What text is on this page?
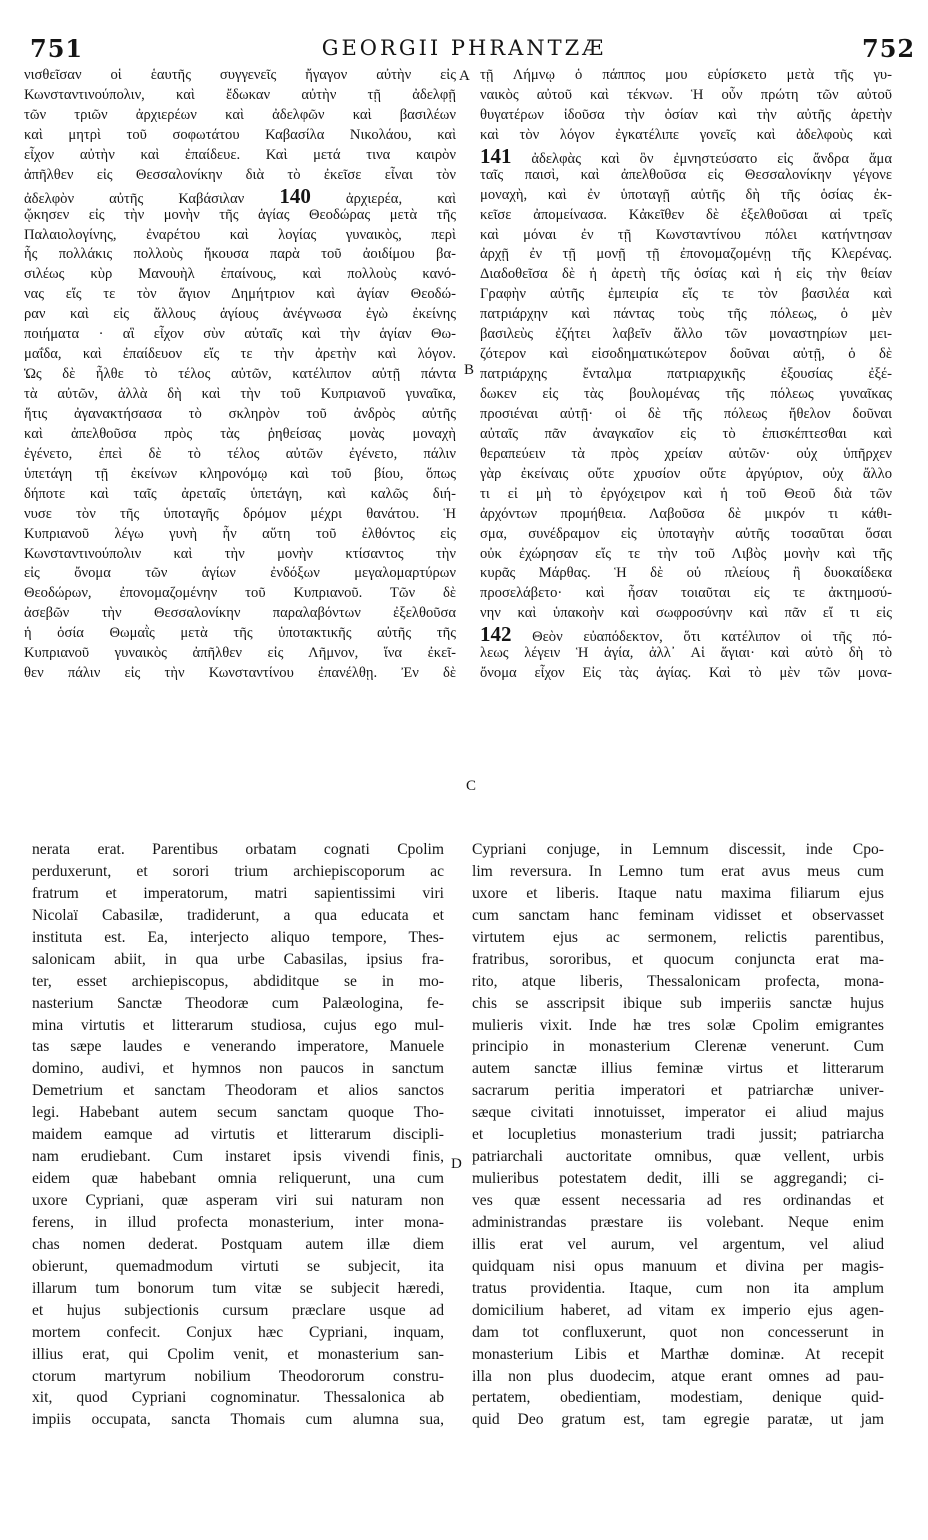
751	GEORGII PHRANTZÆ	752
νισθεῖσαν οἱ ἑαυτῆς συγγενεῖς ἤγαγον αὐτὴν εἰς
Κωνσταντινούπολιν, καὶ ἔδωκαν αὐτὴν τῇ ἀδελφῇ
τῶν τριῶν ἀρχιερέων καὶ ἀδελφῶν καὶ βασιλέων
καὶ μητρὶ τοῦ σοφωτάτου Καβασίλα Νικολάου, καὶ
εἶχον αὐτὴν καὶ ἐπαίδευε. Καὶ μετά τινα καιρὸν
ἀπῆλθεν εἰς Θεσσαλονίκην διὰ τὸ ἐκεῖσε εἶναι τὸν
ἀδελφὸν αὐτῆς Καβάσιλαν 140 ἀρχιερέα, καὶ
ᾤκησεν εἰς τὴν μονὴν τῆς ἁγίας Θεοδώρας μετὰ τῆς
Παλαιολογίνης, ἐναρέτου καὶ λογίας γυναικὸς, περὶ
ἧς πολλάκις πολλοὺς ἤκουσα παρὰ τοῦ ἀοιδίμου βα-
σιλέως κὺρ Μανουὴλ ἐπαίνους, καὶ πολλοὺς κανό-
νας εἴς τε τὸν ἅγιον Δημήτριον καὶ ἁγίαν Θεοδώ-
ραν καὶ εἰς ἄλλους ἁγίους ἀνέγνωσα ἐγὼ ἐκείνης
ποιήματα · αἳ εἶχον σὺν αὐταῖς καὶ τὴν ἁγίαν Θω-
μαΐδα, καὶ ἐπαίδευον εἴς τε τὴν ἀρετὴν καὶ λόγον.
Ὡς δὲ ἦλθε τὸ τέλος αὐτῶν, κατέλιπον αὐτῇ πάντα
τὰ αὐτῶν, ἀλλὰ δὴ καὶ τὴν τοῦ Κυπριανοῦ γυναῖκα,
ἥτις ἀγανακτήσασα τὸ σκληρὸν τοῦ ἀνδρὸς αὐτῆς
καὶ ἀπελθοῦσα πρὸς τὰς ῥηθείσας μονὰς μοναχὴ
ἐγένετο, ἐπεὶ δὲ τὸ τέλος αὐτῶν ἐγένετο, πάλιν
ὑπετάγη τῇ ἐκείνων κληρονόμῳ καὶ τοῦ βίου, ὅπως
δήποτε καὶ ταῖς ἀρεταῖς ὑπετάγη, καὶ καλῶς διή-
νυσε τὸν τῆς ὑποταγῆς δρόμον μέχρι θανάτου. Ἡ
Κυπριανοῦ λέγω γυνὴ ἦν αὕτη τοῦ ἐλθόντος εἰς
Κωνσταντινούπολιν καὶ τὴν μονὴν κτίσαντος τὴν
εἰς ὄνομα τῶν ἁγίων ἐνδόξων μεγαλομαρτύρων
Θεοδώρων, ἐπονομαζομένην τοῦ Κυπριανοῦ. Τῶν δὲ
ἀσεβῶν τὴν Θεσσαλονίκην παραλαβόντων ἐξελθοῦσα
ἡ ὁσία Θωμαῒς μετὰ τῆς ὑποτακτικῆς αὐτῆς τῆς
Κυπριανοῦ γυναικὸς ἀπῆλθεν εἰς Λῆμνον, ἵνα ἐκεῖ-
θεν πάλιν εἰς τὴν Κωνσταντίνου ἐπανέλθῃ. Ἐν δὲ
τῇ Λήμνῳ ὁ πάππος μου εὑρίσκετο μετὰ τῆς γυ-
ναικὸς αὐτοῦ καὶ τέκνων. Ἡ οὖν πρώτη τῶν αὐτοῦ
θυγατέρων ἰδοῦσα τὴν ὁσίαν καὶ τὴν αὐτῆς ἀρετὴν
καὶ τὸν λόγον ἐγκατέλιπε γονεῖς καὶ ἀδελφοὺς καὶ
141 ἀδελφὰς καὶ ὃν ἐμνηστεύσατο εἰς ἄνδρα ἅμα
ταῖς παισὶ, καὶ ἀπελθοῦσα εἰς Θεσσαλονίκην γέγονε
μοναχὴ, καὶ ἐν ὑποταγῇ αὐτῆς δὴ τῆς ὁσίας ἐκ-
κεῖσε ἀπομείνασα. Κἀκεῖθεν δὲ ἐξελθοῦσαι αἱ τρεῖς
καὶ μόναι ἐν τῇ Κωνσταντίνου πόλει κατήντησαν
ἀρχῇ ἐν τῇ μονῇ τῇ ἐπονομαζομένῃ τῆς Κλερένας.
Διαδοθεῖσα δὲ ἡ ἀρετὴ τῆς ὁσίας καὶ ἡ εἰς τὴν θείαν
Γραφὴν αὐτῆς ἐμπειρία εἴς τε τὸν βασιλέα καὶ
πατριάρχην καὶ πάντας τοὺς τῆς πόλεως, ὁ μὲν
βασιλεὺς ἐζήτει λαβεῖν ἄλλο τῶν μοναστηρίων μει-
ζότερον καὶ εἰσοδηματικώτερον δοῦναι αὐτῇ, ὁ δὲ
πατριάρχης ἔνταλμα πατριαρχικῆς ἐξουσίας ἐξέ-
δωκεν εἰς τὰς βουλομένας τῆς πόλεως γυναῖκας
προσιέναι αὐτῇ· οἱ δὲ τῆς πόλεως ἤθελον δοῦναι
αὐταῖς πᾶν ἀναγκαῖον εἰς τὸ ἐπισκέπτεσθαι καὶ
θεραπεύειν τὰ πρὸς χρείαν αὐτῶν· οὐχ ὑπῆρχεν
γὰρ ἐκείναις οὔτε χρυσίον οὔτε ἀργύριον, οὐχ ἄλλο
τι εἰ μὴ τὸ ἐργόχειρον καὶ ἡ τοῦ Θεοῦ διὰ τῶν
ἀρχόντων προμήθεια. Λαβοῦσα δὲ μικρόν τι κάθι-
σμα, συνέδραμον εἰς ὑποταγὴν αὐτῆς τοσαῦται ὅσαι
οὐκ ἐχώρησαν εἴς τε τὴν τοῦ Λιβὸς μονὴν καὶ τῆς
κυρᾶς Μάρθας. Ἡ δὲ οὐ πλείους ἢ δυοκαίδεκα
προσελάβετο· καὶ ἦσαν τοιαῦται εἰς τε ἀκτημοσύ-
νην καὶ ὑπακοὴν καὶ σωφροσύνην καὶ πᾶν εἴ τι εἰς
142 Θεὸν εὐαπόδεκτον, ὅτι κατέλιπον οἱ τῆς πό-
λεως λέγειν Ἡ ἁγία, ἀλλ᾽ Αἱ ἅγιαι· καὶ αὐτὸ δὴ τὸ
ὄνομα εἶχον Εἰς τὰς ἁγίας. Καὶ τὸ μὲν τῶν μονα-
nerata erat. Parentibus orbatam cognati Cpolim
perduxerunt, et sorori trium archiepiscoporum ac
fratrum et imperatorum, matri sapientissimi viri
Nicolaï Cabasilæ, tradiderunt, a qua educata et
instituta est. Ea, interjecto aliquo tempore, Thes-
salonicam abiit, in qua urbe Cabasilas, ipsius fra-
ter, esset archiepiscopus, abdiditque se in mo-
nasterium Sanctæ Theodoræ cum Palæologina, fe-
mina virtutis et litterarum studiosa, cujus ego mul-
tas sæpe laudes e venerando imperatore, Manuele
domino, audivi, et hymnos non paucos in sanctum
Demetrium et sanctam Theodoram et alios sanctos
legi. Habebant autem secum sanctam quoque Tho-
maidem eamque ad virtutis et litterarum discipli-
nam erudiebant. Cum instaret ipsis vivendi finis,
eidem quæ habebant omnia reliquerunt, una cum
uxore Cypriani, quæ asperam viri sui naturam non
ferens, in illud profecta monasterium, inter mona-
chas nomen dederat. Postquam autem illæ diem
obierunt, quemadmodum virtuti se subjecit, ita
illarum tum bonorum tum vitæ se subjecit hæredi,
et hujus subjectionis cursum præclare usque ad
mortem confecit. Conjux hæc Cypriani, inquam,
illius erat, qui Cpolim venit, et monasterium san-
ctorum martyrum nobilium Theodororum constru-
xit, quod Cypriani cognominatur. Thessalonica ab
impiis occupata, sancta Thomais cum alumna sua,
Cypriani conjuge, in Lemnum discessit, inde Cpo-
lim reversura. In Lemno tum erat avus meus cum
uxore et liberis. Itaque natu maxima filiarum ejus
cum sanctam hanc feminam vidisset et observasset
virtutem ejus ac sermonem, relictis parentibus,
fratribus, sororibus, et quocum conjuncta erat ma-
rito, atque liberis, Thessalonicam profecta, mona-
chis se asscripsit ibique sub imperiis sanctæ hujus
mulieris vixit. Inde hæ tres solæ Cpolim emigrantes
principio in monasterium Clerenæ venerunt. Cum
autem sanctæ illius feminæ virtus et litterarum
sacrarum peritia imperatori et patriarchæ univer-
sæque civitati innotuisset, imperator ei aliud majus
et locupletius monasterium tradi jussit; patriarcha
patriarchali auctoritate omnibus, quæ vellent, urbis
mulieribus potestatem dedit, illi se aggregandi; ci-
ves quæ essent necessaria ad res ordinandas et
administrandas præstare iis volebant. Neque enim
illis erat vel aurum, vel argentum, vel aliud
quidquam nisi opus manuum et divina per magis-
tratus providentia. Itaque, cum non ita amplum
domicilium haberet, ad vitam ex imperio ejus agen-
dam tot confluxerunt, quot non concesserunt in
monasterium Libis et Marthæ dominæ. At recepit
illa non plus duodecim, atque erant omnes ad pau-
pertatem, obedientiam, modestiam, denique quid-
quid Deo gratum est, tam egregie paratæ, ut jam
A
B
C
D
